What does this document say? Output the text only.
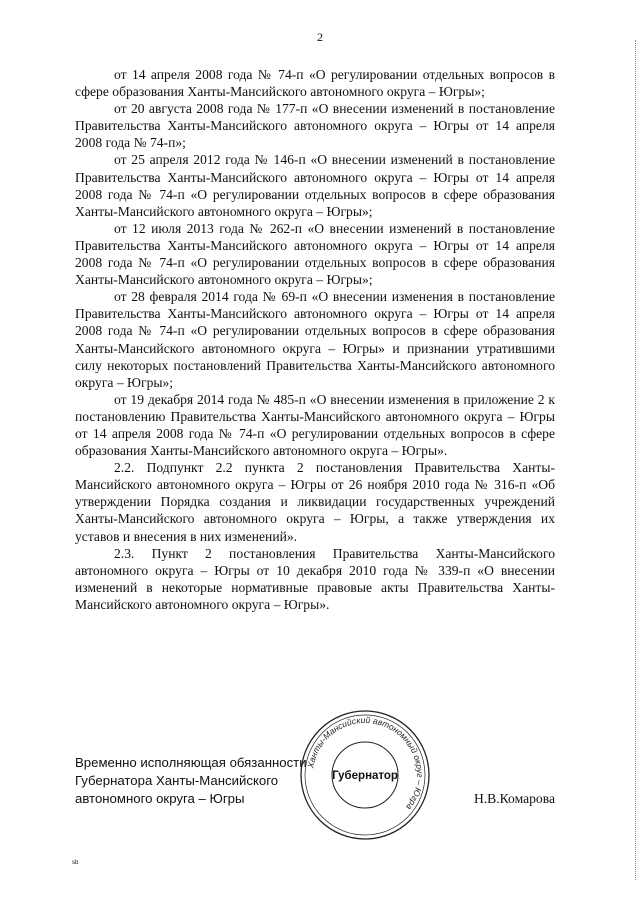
2

от 14 апреля 2008 года № 74-п «О регулировании отдельных вопросов в сфере образования Ханты-Мансийского автономного округа – Югры»;

от 20 августа 2008 года № 177-п «О внесении изменений в постановление Правительства Ханты-Мансийского автономного округа – Югры от 14 апреля 2008 года № 74-п»;

от 25 апреля 2012 года № 146-п «О внесении изменений в постановление Правительства Ханты-Мансийского автономного округа – Югры от 14 апреля 2008 года № 74-п «О регулировании отдельных вопросов в сфере образования Ханты-Мансийского автономного округа – Югры»;

от 12 июля 2013 года № 262-п «О внесении изменений в постановление Правительства Ханты-Мансийского автономного округа – Югры от 14 апреля 2008 года № 74-п «О регулировании отдельных вопросов в сфере образования Ханты-Мансийского автономного округа – Югры»;

от 28 февраля 2014 года № 69-п «О внесении изменения в постановление Правительства Ханты-Мансийского автономного округа – Югры от 14 апреля 2008 года № 74-п «О регулировании отдельных вопросов в сфере образования Ханты-Мансийского автономного округа – Югры» и признании утратившими силу некоторых постановлений Правительства Ханты-Мансийского автономного округа – Югры»;

от 19 декабря 2014 года № 485-п «О внесении изменения в приложение 2 к постановлению Правительства Ханты-Мансийского автономного округа – Югры от 14 апреля 2008 года № 74-п «О регулировании отдельных вопросов в сфере образования Ханты-Мансийского автономного округа – Югры».

2.2. Подпункт 2.2 пункта 2 постановления Правительства Ханты-Мансийского автономного округа – Югры от 26 ноября 2010 года № 316-п «Об утверждении Порядка создания и ликвидации государственных учреждений Ханты-Мансийского автономного округа – Югры, а также утверждения их уставов и внесения в них изменений».

2.3. Пункт 2 постановления Правительства Ханты-Мансийского автономного округа – Югры от 10 декабря 2010 года № 339-п «О внесении изменений в некоторые нормативные правовые акты Правительства Ханты-Мансийского автономного округа – Югры».

Ханты-Мансийский автономный округ – Югра
Губернатор
Временно исполняющая обязанности
Губернатора Ханты-Мансийского
автономного округа – Югры	Н.В.Комарова
sb
